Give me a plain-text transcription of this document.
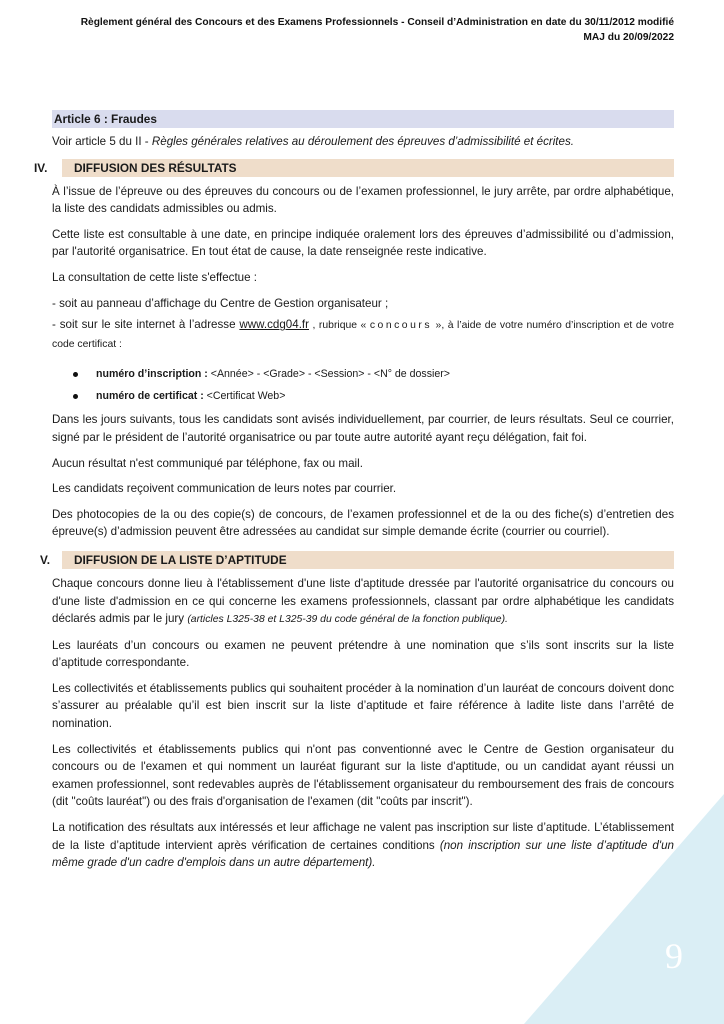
Règlement général des Concours et des Examens Professionnels - Conseil d’Administration en date du 30/11/2012 modifié
MAJ du 20/09/2022
Article 6 : Fraudes

Voir article 5 du II - Règles générales relatives au déroulement des épreuves d’admissibilité et écrites.

IV. DIFFUSION DES RÉSULTATS

À l’issue de l’épreuve ou des épreuves du concours ou de l’examen professionnel, le jury arrête, par ordre alphabétique, la liste des candidats admissibles ou admis.

Cette liste est consultable à une date, en principe indiquée oralement lors des épreuves d’admissibilité ou d’admission, par l'autorité organisatrice. En tout état de cause, la date renseignée reste indicative.

La consultation de cette liste s'effectue :

- soit au panneau d’affichage du Centre de Gestion organisateur ;

- soit sur le site internet à l’adresse www.cdg04.fr , rubrique « concours », à l’aide de votre numéro d’inscription et de votre code certificat :

numéro d’inscription : <Année> - <Grade> - <Session> - <N° de dossier>
numéro de certificat : <Certificat Web>

Dans les jours suivants, tous les candidats sont avisés individuellement, par courrier, de leurs résultats. Seul ce courrier, signé par le président de l’autorité organisatrice ou par toute autre autorité ayant reçu délégation, fait foi.

Aucun résultat n'est communiqué par téléphone, fax ou mail.

Les candidats reçoivent communication de leurs notes par courrier.

Des photocopies de la ou des copie(s) de concours, de l’examen professionnel et de la ou des fiche(s) d’entretien des épreuve(s) d’admission peuvent être adressées au candidat sur simple demande écrite (courrier ou courriel).

V. DIFFUSION DE LA LISTE D’APTITUDE

Chaque concours donne lieu à l'établissement d'une liste d'aptitude dressée par l'autorité organisatrice du concours ou d'une liste d'admission en ce qui concerne les examens professionnels, classant par ordre alphabétique les candidats déclarés admis par le jury (articles L325-38 et L325-39 du code général de la fonction publique).

Les lauréats d’un concours ou examen ne peuvent prétendre à une nomination que s’ils sont inscrits sur la liste d’aptitude correspondante.

Les collectivités et établissements publics qui souhaitent procéder à la nomination d’un lauréat de concours doivent donc s’assurer au préalable qu’il est bien inscrit sur la liste d’aptitude et faire référence à ladite liste dans l’arrêté de nomination.

Les collectivités et établissements publics qui n'ont pas conventionné avec le Centre de Gestion organisateur du concours ou de l'examen et qui nomment un lauréat figurant sur la liste d'aptitude, ou un candidat ayant réussi un examen professionnel, sont redevables auprès de l'établissement organisateur du remboursement des frais de concours (dit ''coûts lauréat") ou des frais d'organisation de l'examen (dit "coûts par inscrit").

La notification des résultats aux intéressés et leur affichage ne valent pas inscription sur liste d’aptitude. L’établissement de la liste d’aptitude intervient après vérification de certaines conditions (non inscription sur une liste d’aptitude d'un même grade d'un cadre d'emplois dans un autre département).

9
